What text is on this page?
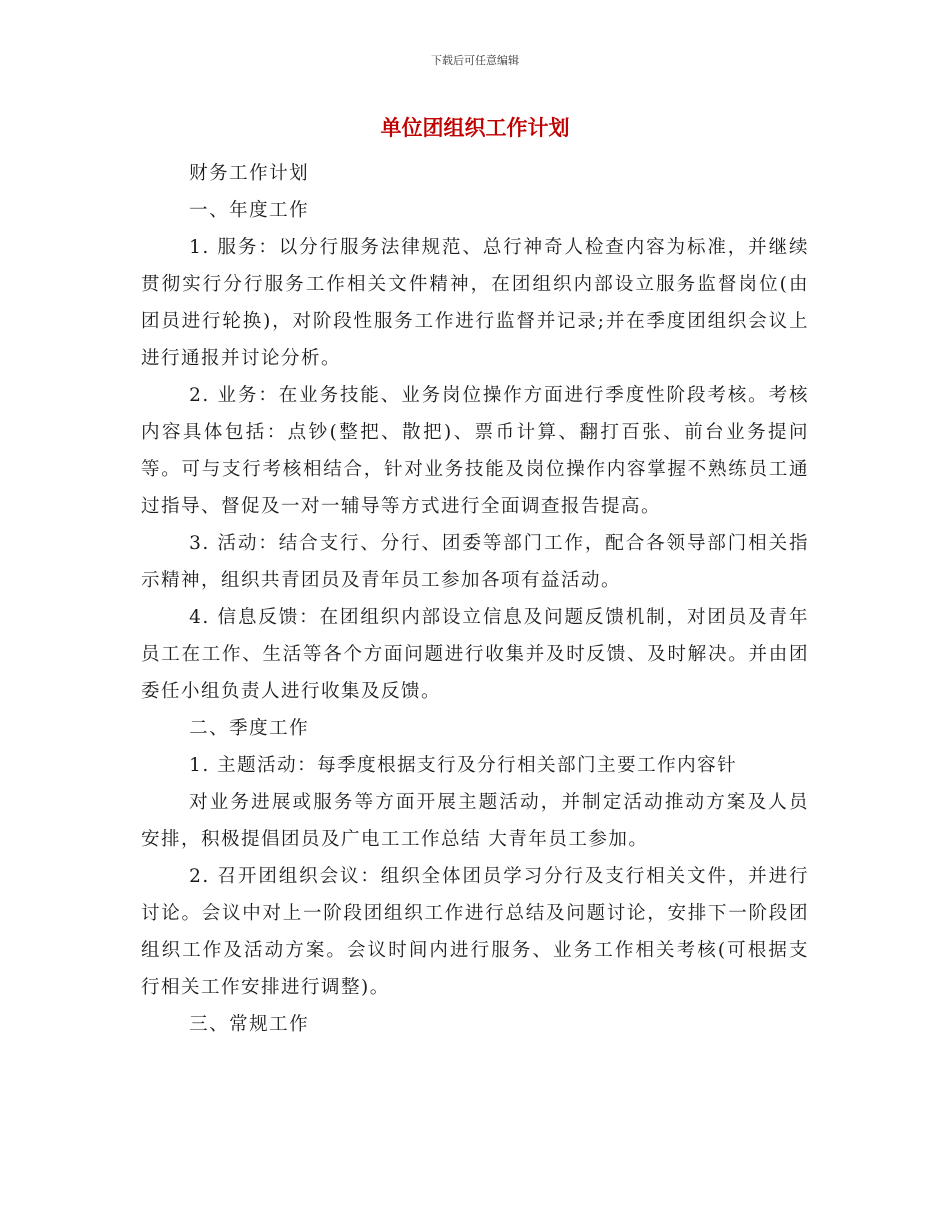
下载后可任意编辑
单位团组织工作计划

财务工作计划

一、年度工作

1. 服务：以分行服务法律规范、总行神奇人检查内容为标准，并继续贯彻实行分行服务工作相关文件精神，在团组织内部设立服务监督岗位(由团员进行轮换)，对阶段性服务工作进行监督并记录;并在季度团组织会议上进行通报并讨论分析。

2. 业务：在业务技能、业务岗位操作方面进行季度性阶段考核。考核内容具体包括：点钞(整把、散把)、票币计算、翻打百张、前台业务提问等。可与支行考核相结合，针对业务技能及岗位操作内容掌握不熟练员工通过指导、督促及一对一辅导等方式进行全面调查报告提高。

3. 活动：结合支行、分行、团委等部门工作，配合各领导部门相关指示精神，组织共青团员及青年员工参加各项有益活动。

4. 信息反馈：在团组织内部设立信息及问题反馈机制，对团员及青年员工在工作、生活等各个方面问题进行收集并及时反馈、及时解决。并由团委任小组负责人进行收集及反馈。

二、季度工作

1. 主题活动：每季度根据支行及分行相关部门主要工作内容针

对业务进展或服务等方面开展主题活动，并制定活动推动方案及人员安排，积极提倡团员及广电工工作总结 大青年员工参加。

2. 召开团组织会议：组织全体团员学习分行及支行相关文件，并进行讨论。会议中对上一阶段团组织工作进行总结及问题讨论，安排下一阶段团组织工作及活动方案。会议时间内进行服务、业务工作相关考核(可根据支行相关工作安排进行调整)。

三、常规工作
